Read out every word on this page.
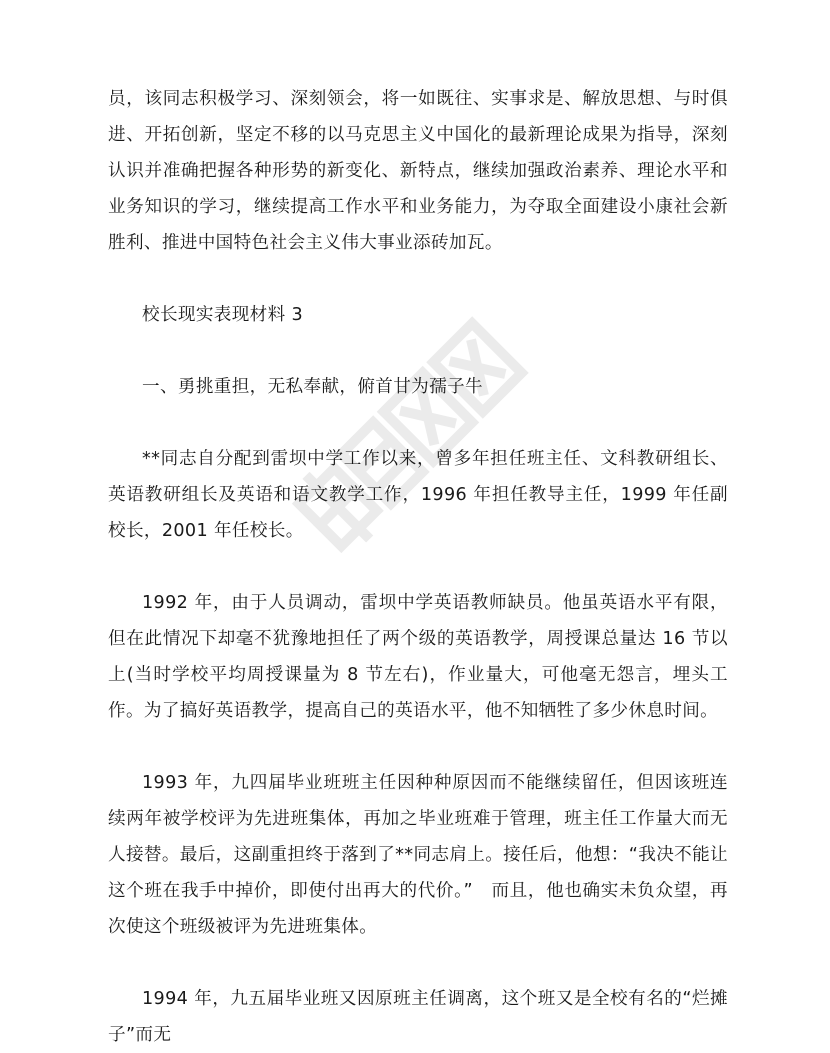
员，该同志积极学习、深刻领会，将一如既往、实事求是、解放思想、与时俱进、开拓创新，坚定不移的以马克思主义中国化的最新理论成果为指导，深刻认识并准确把握各种形势的新变化、新特点，继续加强政治素养、理论水平和业务知识的学习，继续提高工作水平和业务能力，为夺取全面建设小康社会新胜利、推进中国特色社会主义伟大事业添砖加瓦。

校长现实表现材料 3

一、勇挑重担，无私奉献，俯首甘为孺子牛

**同志自分配到雷坝中学工作以来，曾多年担任班主任、文科教研组长、英语教研组长及英语和语文教学工作，1996 年担任教导主任，1999 年任副校长，2001 年任校长。

1992 年，由于人员调动，雷坝中学英语教师缺员。他虽英语水平有限，但在此情况下却毫不犹豫地担任了两个级的英语教学，周授课总量达 16 节以上(当时学校平均周授课量为 8 节左右)，作业量大，可他毫无怨言，埋头工作。为了搞好英语教学，提高自己的英语水平，他不知牺牲了多少休息时间。

1993 年，九四届毕业班班主任因种种原因而不能继续留任，但因该班连续两年被学校评为先进班集体，再加之毕业班难于管理，班主任工作量大而无人接替。最后，这副重担终于落到了**同志肩上。接任后，他想：“我决不能让这个班在我手中掉价，即使付出再大的代价。”　而且，他也确实未负众望，再次使这个班级被评为先进班集体。

1994 年，九五届毕业班又因原班主任调离，这个班又是全校有名的“烂摊子”而无
